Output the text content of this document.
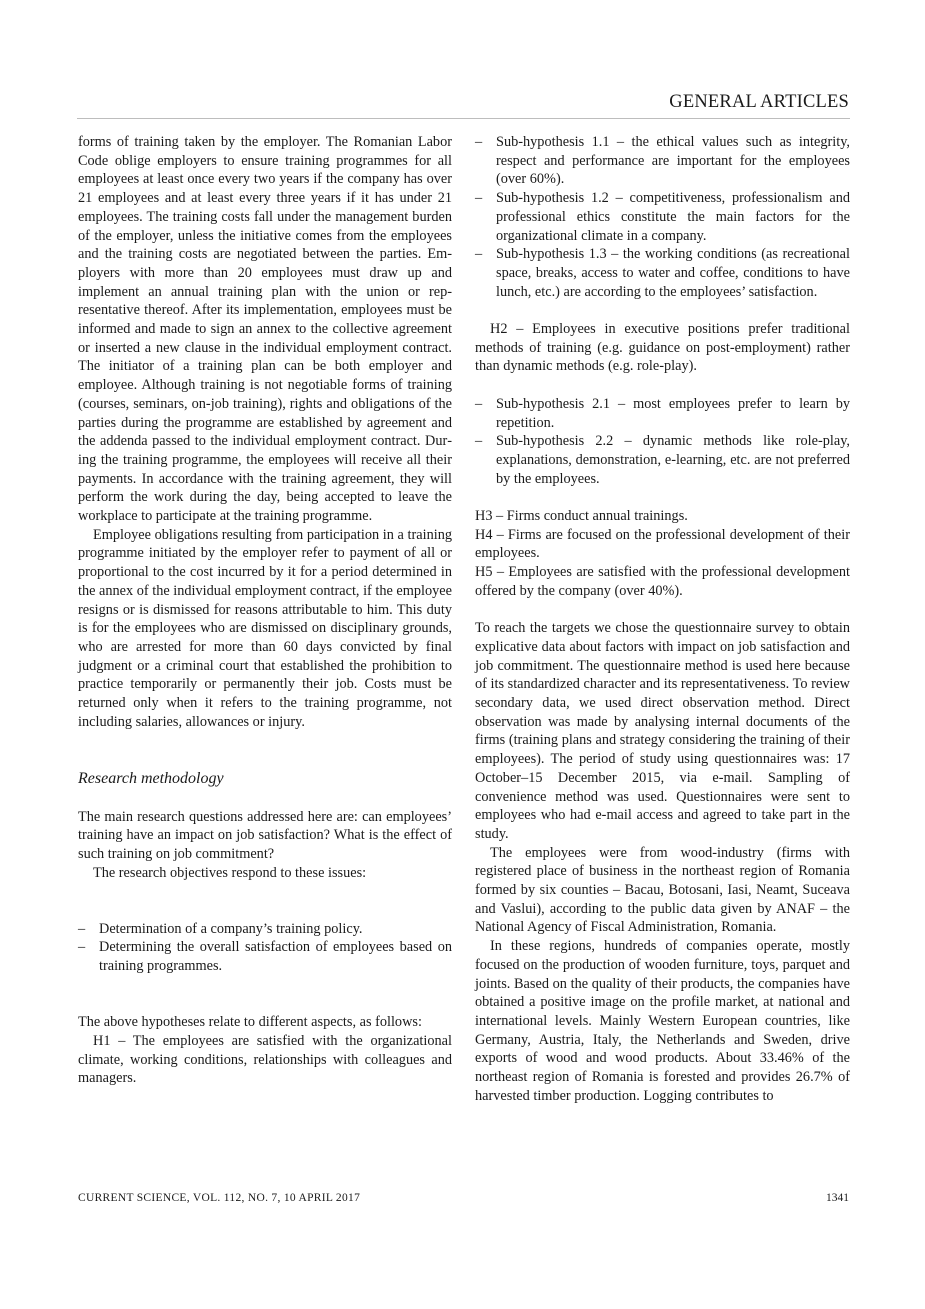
GENERAL ARTICLES

forms of training taken by the employer. The Romanian Labor Code oblige employers to ensure training programmes for all employees at least once every two years if the company has over 21 employees and at least every three years if it has under 21 employees. The training costs fall under the management burden of the employer, unless the initiative comes from the employees and the training costs are negotiated between the parties. Employers with more than 20 employees must draw up and implement an annual training plan with the union or representative thereof. After its implementation, employees must be informed and made to sign an annex to the collective agreement or inserted a new clause in the individual employment contract. The initiator of a training plan can be both employer and employee. Although training is not negotiable forms of training (courses, seminars, on-job training), rights and obligations of the parties during the programme are established by agreement and the addenda passed to the individual employment contract. During the training programme, the employees will receive all their payments. In accordance with the training agreement, they will perform the work during the day, being accepted to leave the workplace to participate at the training programme.

Employee obligations resulting from participation in a training programme initiated by the employer refer to payment of all or proportional to the cost incurred by it for a period determined in the annex of the individual employment contract, if the employee resigns or is dismissed for reasons attributable to him. This duty is for the employees who are dismissed on disciplinary grounds, who are arrested for more than 60 days convicted by final judgment or a criminal court that established the prohibition to practice temporarily or permanently their job. Costs must be returned only when it refers to the training programme, not including salaries, allowances or injury.

Research methodology

The main research questions addressed here are: can employees’ training have an impact on job satisfaction? What is the effect of such training on job commitment?

The research objectives respond to these issues:

– Determination of a company’s training policy.
– Determining the overall satisfaction of employees based on training programmes.

The above hypotheses relate to different aspects, as follows:

H1 – The employees are satisfied with the organizational climate, working conditions, relationships with colleagues and managers.

– Sub-hypothesis 1.1 – the ethical values such as integrity, respect and performance are important for the employees (over 60%).
– Sub-hypothesis 1.2 – competitiveness, professionalism and professional ethics constitute the main factors for the organizational climate in a company.
– Sub-hypothesis 1.3 – the working conditions (as recreational space, breaks, access to water and coffee, conditions to have lunch, etc.) are according to the employees’ satisfaction.

H2 – Employees in executive positions prefer traditional methods of training (e.g. guidance on post-employment) rather than dynamic methods (e.g. role-play).

– Sub-hypothesis 2.1 – most employees prefer to learn by repetition.
– Sub-hypothesis 2.2 – dynamic methods like role-play, explanations, demonstration, e-learning, etc. are not preferred by the employees.

H3 – Firms conduct annual trainings.

H4 – Firms are focused on the professional development of their employees.

H5 – Employees are satisfied with the professional development offered by the company (over 40%).

To reach the targets we chose the questionnaire survey to obtain explicative data about factors with impact on job satisfaction and job commitment. The questionnaire method is used here because of its standardized character and its representativeness. To review secondary data, we used direct observation method. Direct observation was made by analysing internal documents of the firms (training plans and strategy considering the training of their employees). The period of study using questionnaires was: 17 October–15 December 2015, via e-mail. Sampling of convenience method was used. Questionnaires were sent to employees who had e-mail access and agreed to take part in the study.

The employees were from wood-industry (firms with registered place of business in the northeast region of Romania formed by six counties – Bacau, Botosani, Iasi, Neamt, Suceava and Vaslui), according to the public data given by ANAF – the National Agency of Fiscal Administration, Romania.

In these regions, hundreds of companies operate, mostly focused on the production of wooden furniture, toys, parquet and joints. Based on the quality of their products, the companies have obtained a positive image on the profile market, at national and international levels. Mainly Western European countries, like Germany, Austria, Italy, the Netherlands and Sweden, drive exports of wood and wood products. About 33.46% of the northeast region of Romania is forested and provides 26.7% of harvested timber production. Logging contributes to

CURRENT SCIENCE, VOL. 112, NO. 7, 10 APRIL 2017	1341
